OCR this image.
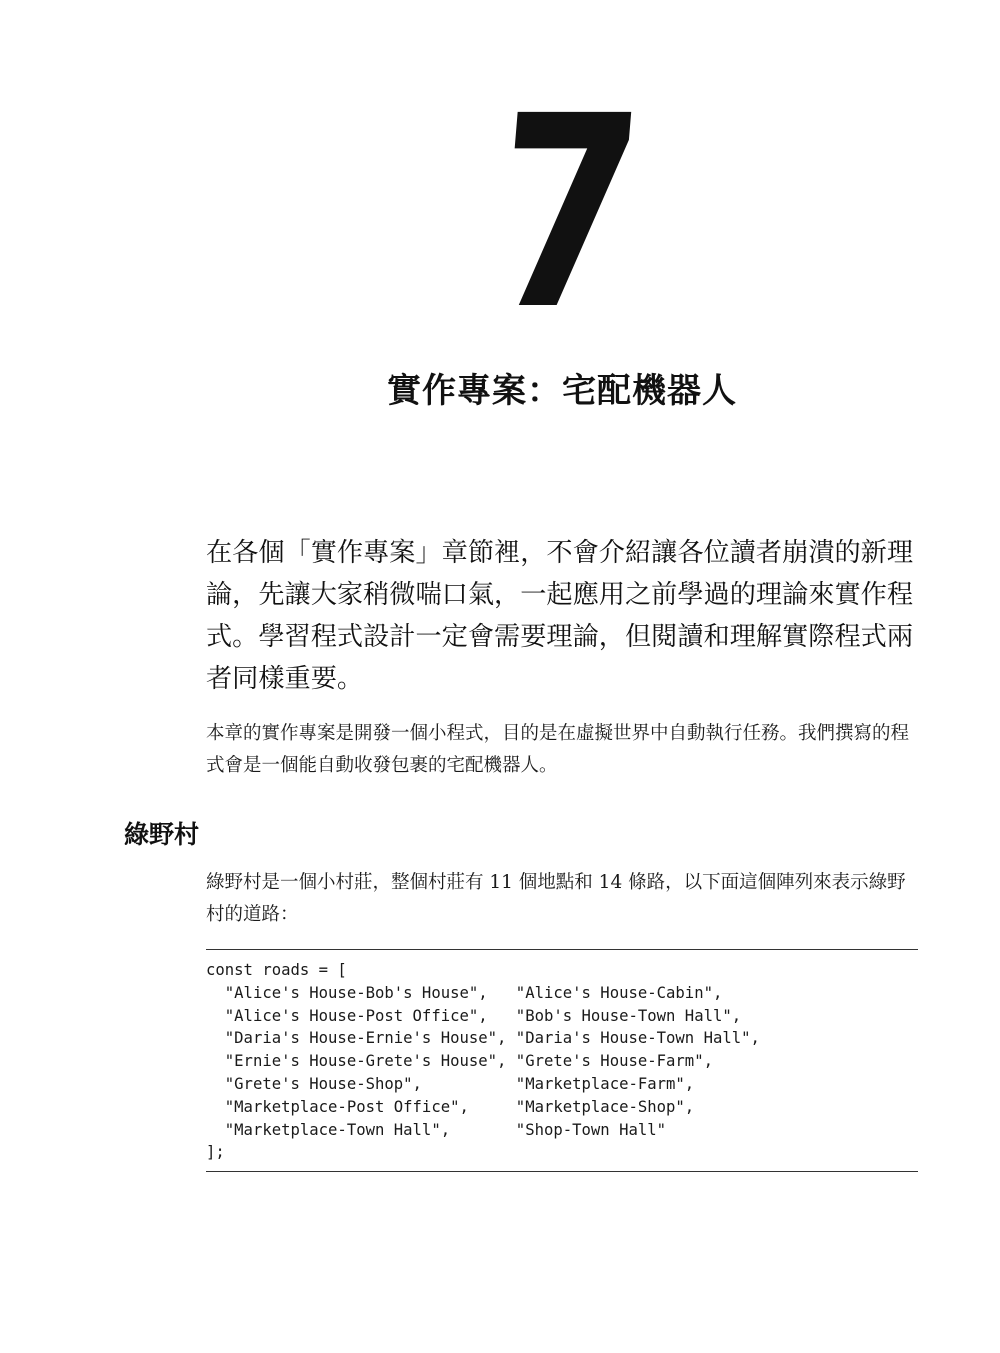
7
實作專案：宅配機器人

在各個「實作專案」章節裡，不會介紹讓各位讀者崩潰的新理論，先讓大家稍微喘口氣，一起應用之前學過的理論來實作程式。學習程式設計一定會需要理論，但閱讀和理解實際程式兩者同樣重要。

本章的實作專案是開發一個小程式，目的是在虛擬世界中自動執行任務。我們撰寫的程式會是一個能自動收發包裹的宅配機器人。

綠野村

綠野村是一個小村莊，整個村莊有 11 個地點和 14 條路，以下面這個陣列來表示綠野村的道路：

const roads = [
"Alice's House-Bob's House",   "Alice's House-Cabin",
"Alice's House-Post Office",   "Bob's House-Town Hall",
"Daria's House-Ernie's House", "Daria's House-Town Hall",
"Ernie's House-Grete's House", "Grete's House-Farm",
"Grete's House-Shop",          "Marketplace-Farm",
"Marketplace-Post Office",     "Marketplace-Shop",
"Marketplace-Town Hall",       "Shop-Town Hall"
];
